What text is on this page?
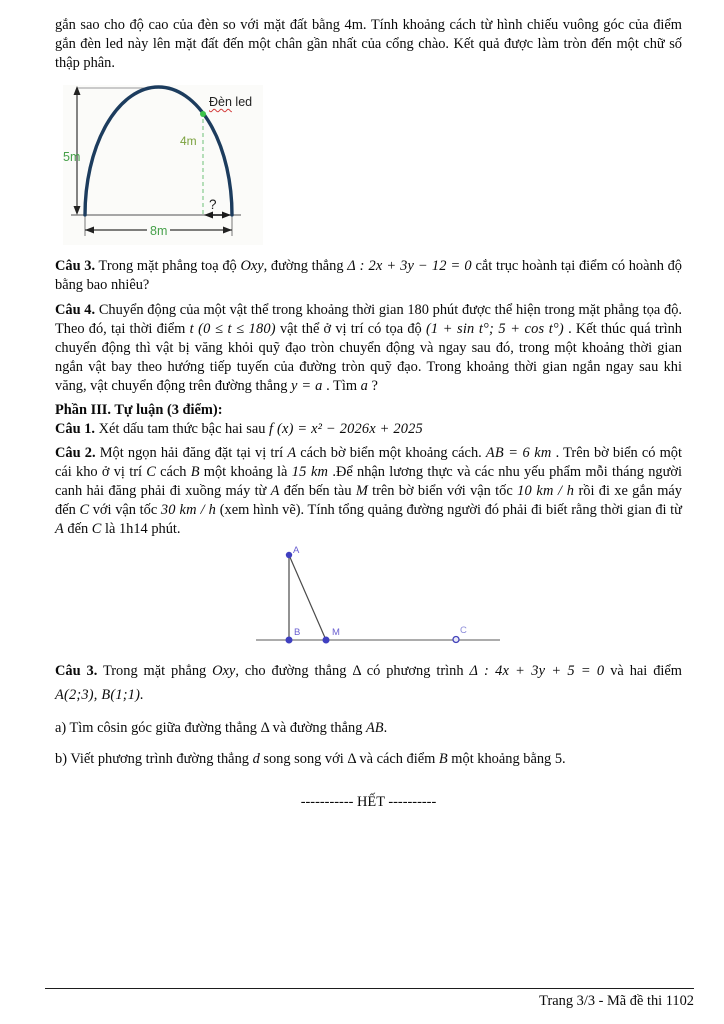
gắn sao cho độ cao của đèn so với mặt đất bằng 4m. Tính khoảng cách từ hình chiếu vuông góc của điểm gắn đèn led này lên mặt đất đến một chân gần nhất của cổng chào. Kết quả được làm tròn đến một chữ số thập phân.

5m
4m
?
8m
Đèn led

Câu 3. Trong mặt phẳng toạ độ Oxy, đường thẳng Δ : 2x + 3y − 12 = 0 cắt trục hoành tại điểm có hoành độ bằng bao nhiêu?

Câu 4. Chuyển động của một vật thể trong khoảng thời gian 180 phút được thể hiện trong mặt phẳng tọa độ. Theo đó, tại thời điểm t (0 ≤ t ≤ 180) vật thể ở vị trí có tọa độ (1 + sin t°; 5 + cos t°) . Kết thúc quá trình chuyển động thì vật bị văng khỏi quỹ đạo tròn chuyển động và ngay sau đó, trong một khoảng thời gian ngắn vật bay theo hướng tiếp tuyến của đường tròn quỹ đạo. Trong khoảng thời gian ngắn ngay sau khi văng, vật chuyển động trên đường thẳng y = a . Tìm a ?

Phần III. Tự luận (3 điểm):

Câu 1. Xét dấu tam thức bậc hai sau f (x) = x² − 2026x + 2025

Câu 2. Một ngọn hải đăng đặt tại vị trí A cách bờ biển một khoảng cách. AB = 6 km . Trên bờ biển có một cái kho ở vị trí C cách B một khoảng là 15 km .Để nhận lương thực và các nhu yếu phẩm mỗi tháng người canh hải đăng phải đi xuồng máy từ A đến bến tàu M trên bờ biển với vận tốc 10 km / h rồi đi xe gắn máy đến C với vận tốc 30 km / h (xem hình vẽ). Tính tổng quảng đường người đó phải đi biết rằng thời gian đi từ A đến C là 1h14 phút.

A
B	M	C

Câu 3. Trong mặt phẳng Oxy, cho đường thẳng Δ có phương trình Δ : 4x + 3y + 5 = 0 và hai điểm

A(2;3), B(1;1).

a) Tìm côsin góc giữa đường thẳng Δ và đường thẳng AB.

b) Viết phương trình đường thẳng d song song với Δ và cách điểm B một khoảng bằng 5.

----------- HẾT ----------

Trang 3/3 - Mã đề thi 1102
